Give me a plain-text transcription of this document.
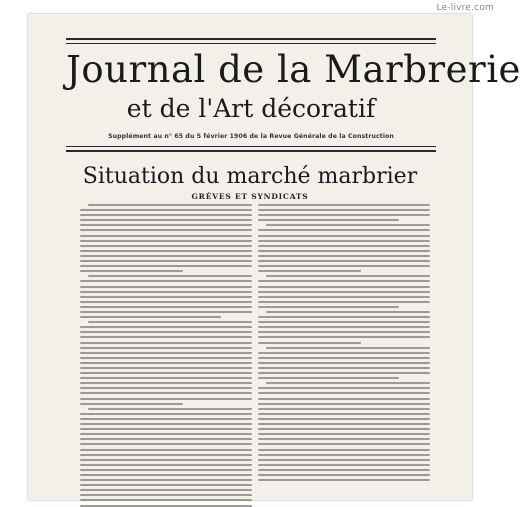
Le-livre.com
Journal de la Marbrerie
et de l'Art décoratif
Supplément au n° 65 du 5 février 1906 de la Revue Générale de la Construction
Situation du marché marbrier
GRÈVES ET SYNDICATS
